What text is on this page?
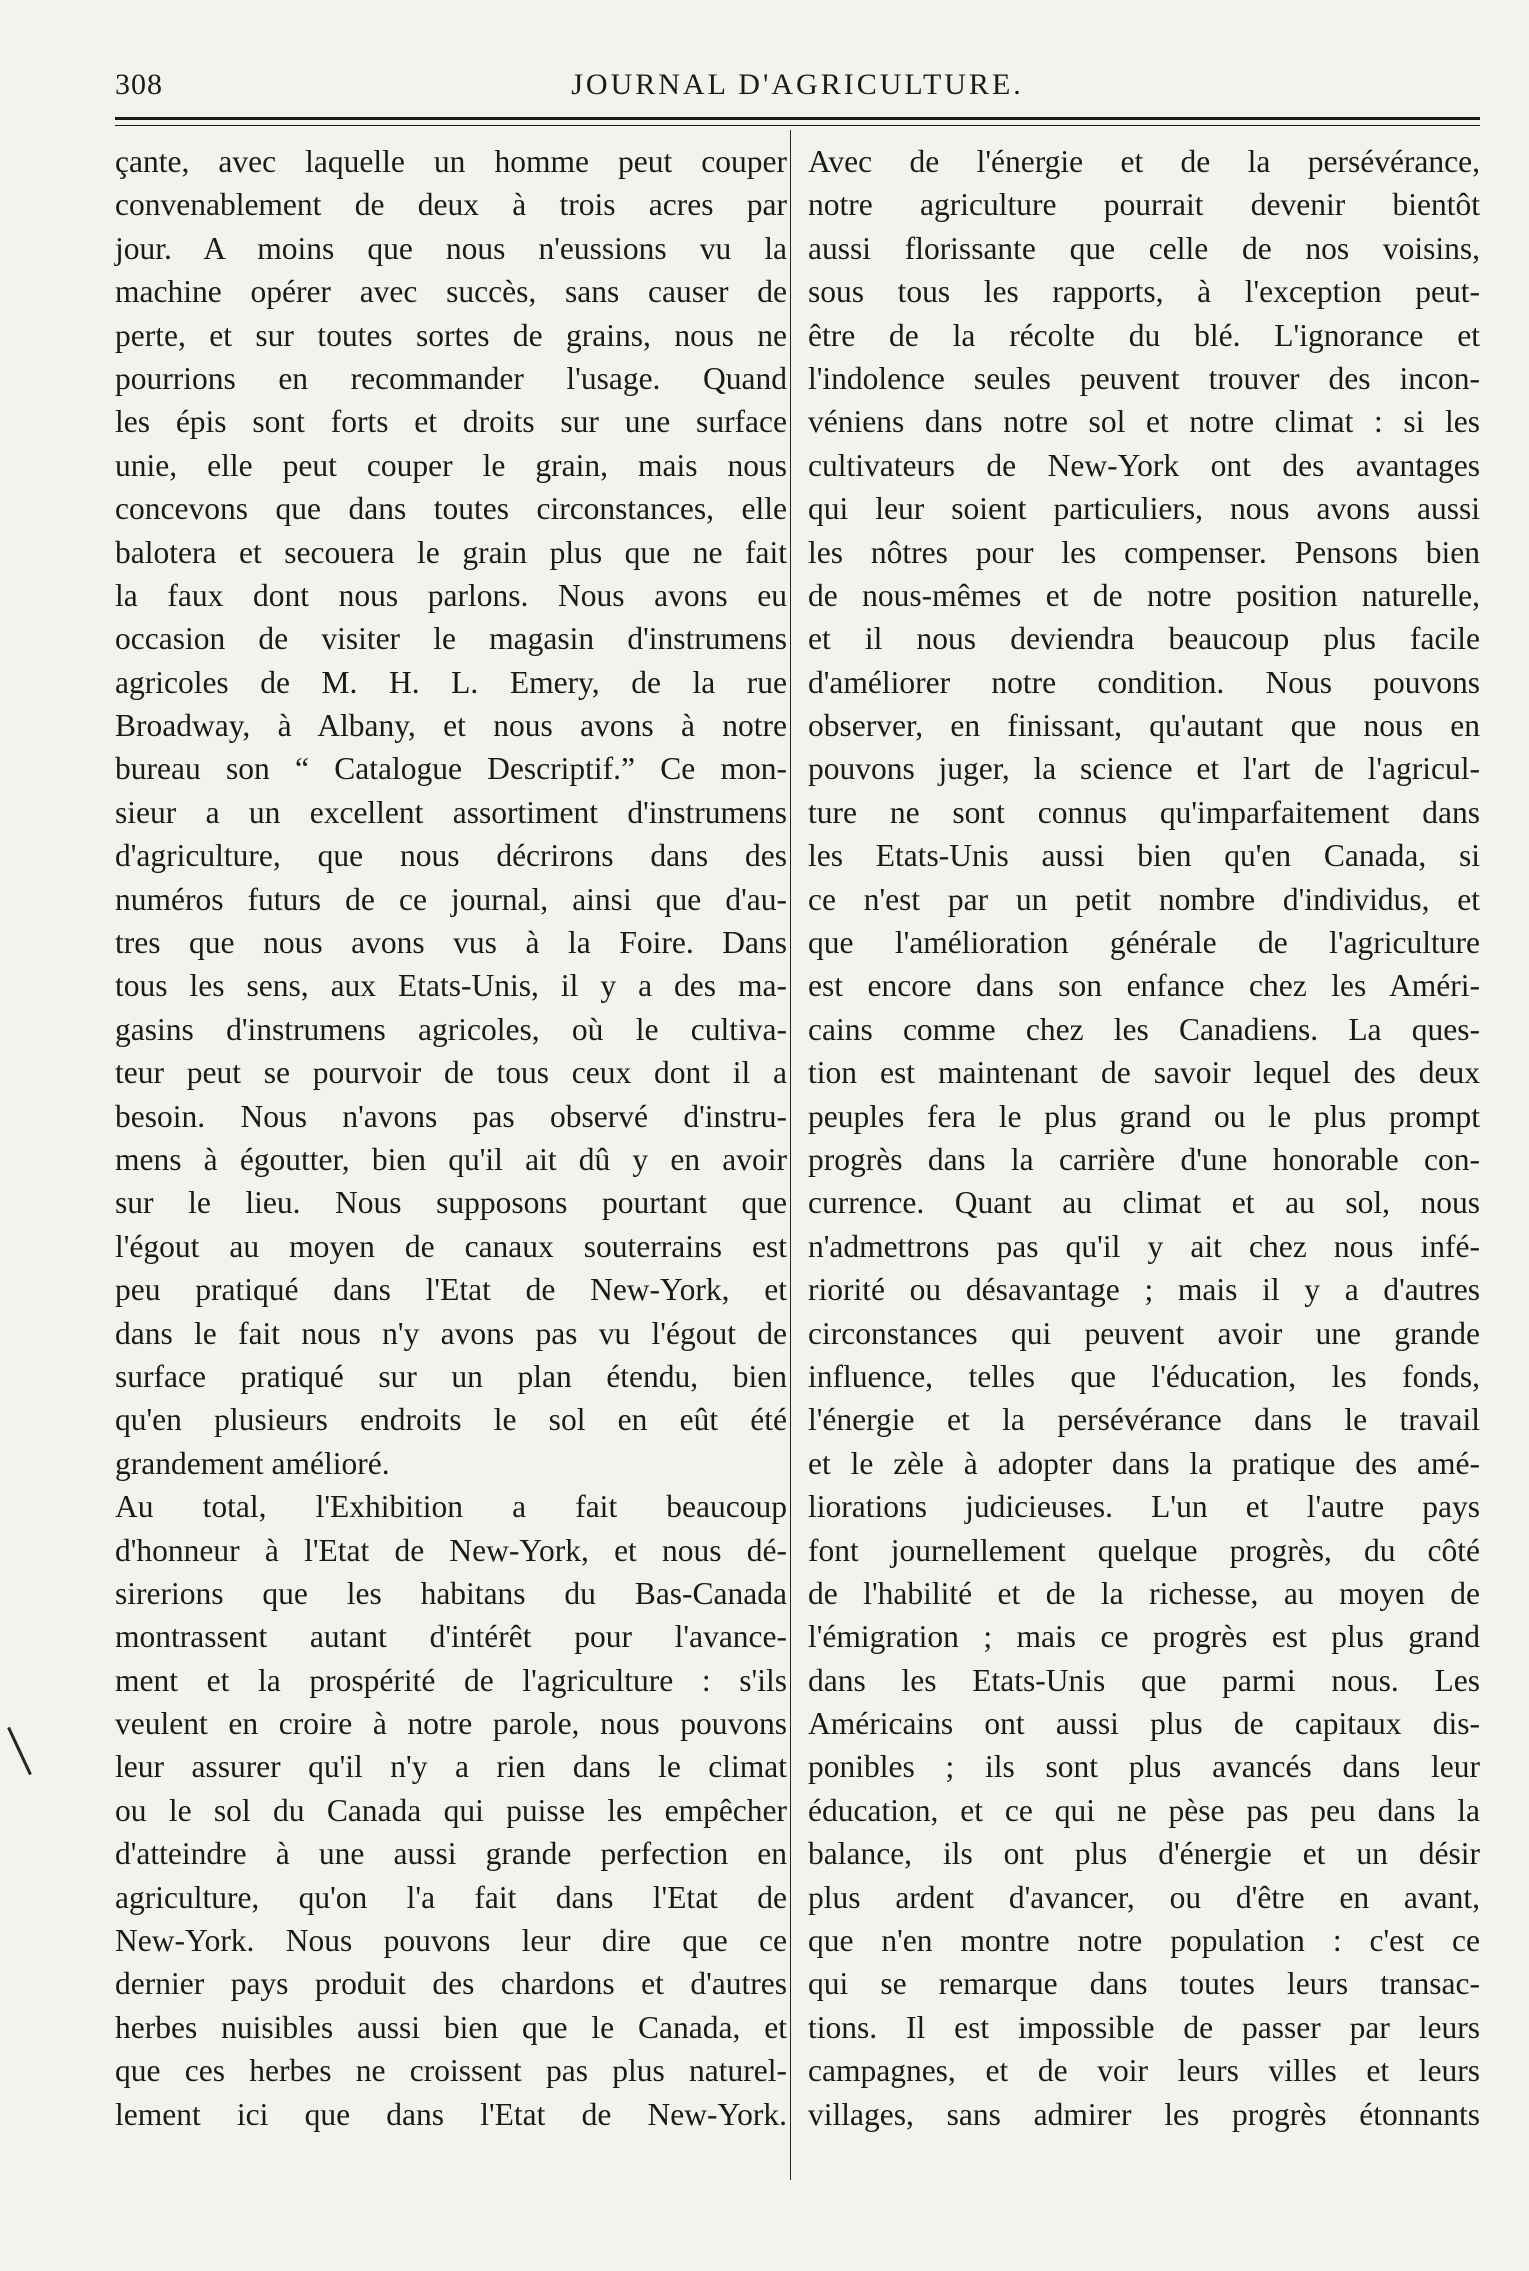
308	JOURNAL D'AGRICULTURE.
çante, avec laquelle un homme peut couper
convenablement de deux à trois acres par
jour. A moins que nous n'eussions vu la
machine opérer avec succès, sans causer de
perte, et sur toutes sortes de grains, nous ne
pourrions en recommander l'usage. Quand
les épis sont forts et droits sur une surface
unie, elle peut couper le grain, mais nous
concevons que dans toutes circonstances, elle
balotera et secouera le grain plus que ne fait
la faux dont nous parlons. Nous avons eu
occasion de visiter le magasin d'instrumens
agricoles de M. H. L. Emery, de la rue
Broadway, à Albany, et nous avons à notre
bureau son “ Catalogue Descriptif.” Ce mon-
sieur a un excellent assortiment d'instrumens
d'agriculture, que nous décrirons dans des
numéros futurs de ce journal, ainsi que d'au-
tres que nous avons vus à la Foire. Dans
tous les sens, aux Etats-Unis, il y a des ma-
gasins d'instrumens agricoles, où le cultiva-
teur peut se pourvoir de tous ceux dont il a
besoin. Nous n'avons pas observé d'instru-
mens à égoutter, bien qu'il ait dû y en avoir
sur le lieu. Nous supposons pourtant que
l'égout au moyen de canaux souterrains est
peu pratiqué dans l'Etat de New-York, et
dans le fait nous n'y avons pas vu l'égout de
surface pratiqué sur un plan étendu, bien
qu'en plusieurs endroits le sol en eût été
grandement amélioré.
Au total, l'Exhibition a fait beaucoup
d'honneur à l'Etat de New-York, et nous dé-
sirerions que les habitans du Bas-Canada
montrassent autant d'intérêt pour l'avance-
ment et la prospérité de l'agriculture : s'ils
veulent en croire à notre parole, nous pouvons
leur assurer qu'il n'y a rien dans le climat
ou le sol du Canada qui puisse les empêcher
d'atteindre à une aussi grande perfection en
agriculture, qu'on l'a fait dans l'Etat de
New-York. Nous pouvons leur dire que ce
dernier pays produit des chardons et d'autres
herbes nuisibles aussi bien que le Canada, et
que ces herbes ne croissent pas plus naturel-
lement ici que dans l'Etat de New-York.
Avec de l'énergie et de la persévérance,
notre agriculture pourrait devenir bientôt
aussi florissante que celle de nos voisins,
sous tous les rapports, à l'exception peut-
être de la récolte du blé. L'ignorance et
l'indolence seules peuvent trouver des incon-
véniens dans notre sol et notre climat : si les
cultivateurs de New-York ont des avantages
qui leur soient particuliers, nous avons aussi
les nôtres pour les compenser. Pensons bien
de nous-mêmes et de notre position naturelle,
et il nous deviendra beaucoup plus facile
d'améliorer notre condition. Nous pouvons
observer, en finissant, qu'autant que nous en
pouvons juger, la science et l'art de l'agricul-
ture ne sont connus qu'imparfaitement dans
les Etats-Unis aussi bien qu'en Canada, si
ce n'est par un petit nombre d'individus, et
que l'amélioration générale de l'agriculture
est encore dans son enfance chez les Améri-
cains comme chez les Canadiens. La ques-
tion est maintenant de savoir lequel des deux
peuples fera le plus grand ou le plus prompt
progrès dans la carrière d'une honorable con-
currence. Quant au climat et au sol, nous
n'admettrons pas qu'il y ait chez nous infé-
riorité ou désavantage ; mais il y a d'autres
circonstances qui peuvent avoir une grande
influence, telles que l'éducation, les fonds,
l'énergie et la persévérance dans le travail
et le zèle à adopter dans la pratique des amé-
liorations judicieuses. L'un et l'autre pays
font journellement quelque progrès, du côté
de l'habilité et de la richesse, au moyen de
l'émigration ; mais ce progrès est plus grand
dans les Etats-Unis que parmi nous. Les
Américains ont aussi plus de capitaux dis-
ponibles ; ils sont plus avancés dans leur
éducation, et ce qui ne pèse pas peu dans la
balance, ils ont plus d'énergie et un désir
plus ardent d'avancer, ou d'être en avant,
que n'en montre notre population : c'est ce
qui se remarque dans toutes leurs transac-
tions. Il est impossible de passer par leurs
campagnes, et de voir leurs villes et leurs
villages, sans admirer les progrès étonnants
